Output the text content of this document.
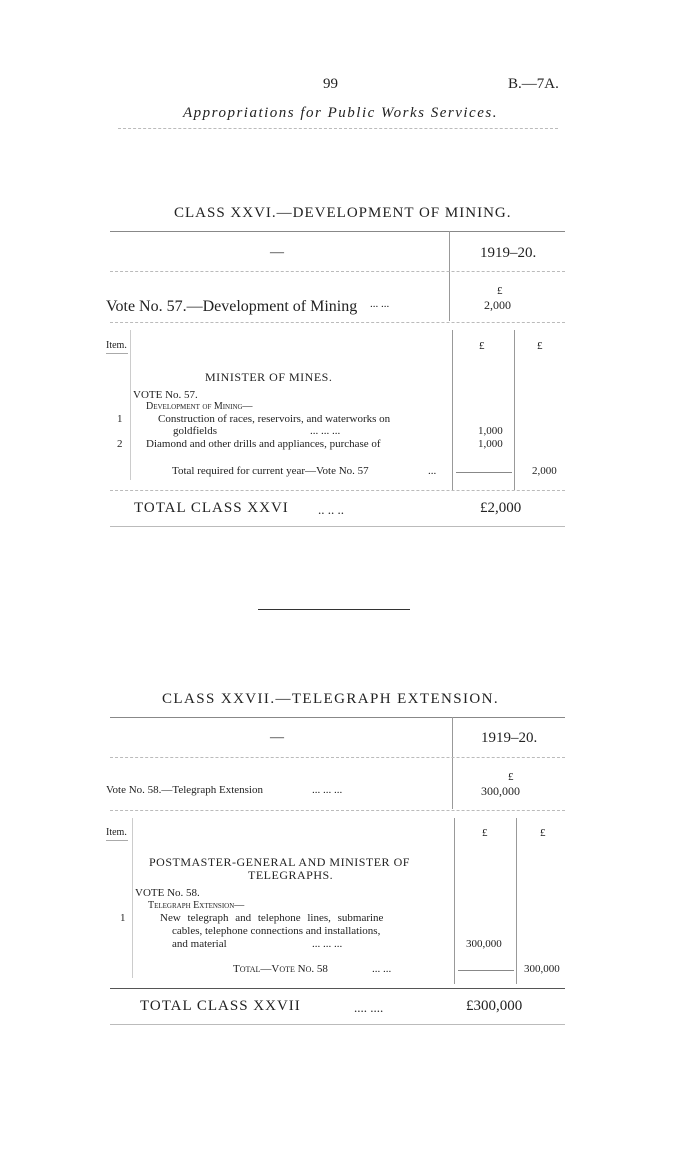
99	B.—7A.
Appropriations for Public Works Services.
CLASS XXVI.—DEVELOPMENT OF MINING.
—	1919–20.
Vote No. 57.—Development of Mining ... ...
£
2,000
Item.	£	£
MINISTER OF MINES.
VOTE No. 57.
Development of Mining—
1	Construction of races, reservoirs, and waterworks on
goldfields	... ... ...	1,000
2 Diamond and other drills and appliances, purchase of	1,000
Total required for current year—Vote No. 57	...	2,000
TOTAL CLASS XXVI .. .. ..	£2,000
CLASS XXVII.—TELEGRAPH EXTENSION.
—	1919–20.
Vote No. 58.—Telegraph Extension	... ... ...
£
300,000
Item.	£	£
POSTMASTER-GENERAL AND MINISTER OF
TELEGRAPHS.
VOTE No. 58.
Telegraph Extension—
1	New telegraph and telephone lines, submarine
cables, telephone connections and installations,
and material	... ... ...	300,000
Total—Vote No. 58	... ...	300,000
TOTAL CLASS XXVII	.... ....	£300,000
